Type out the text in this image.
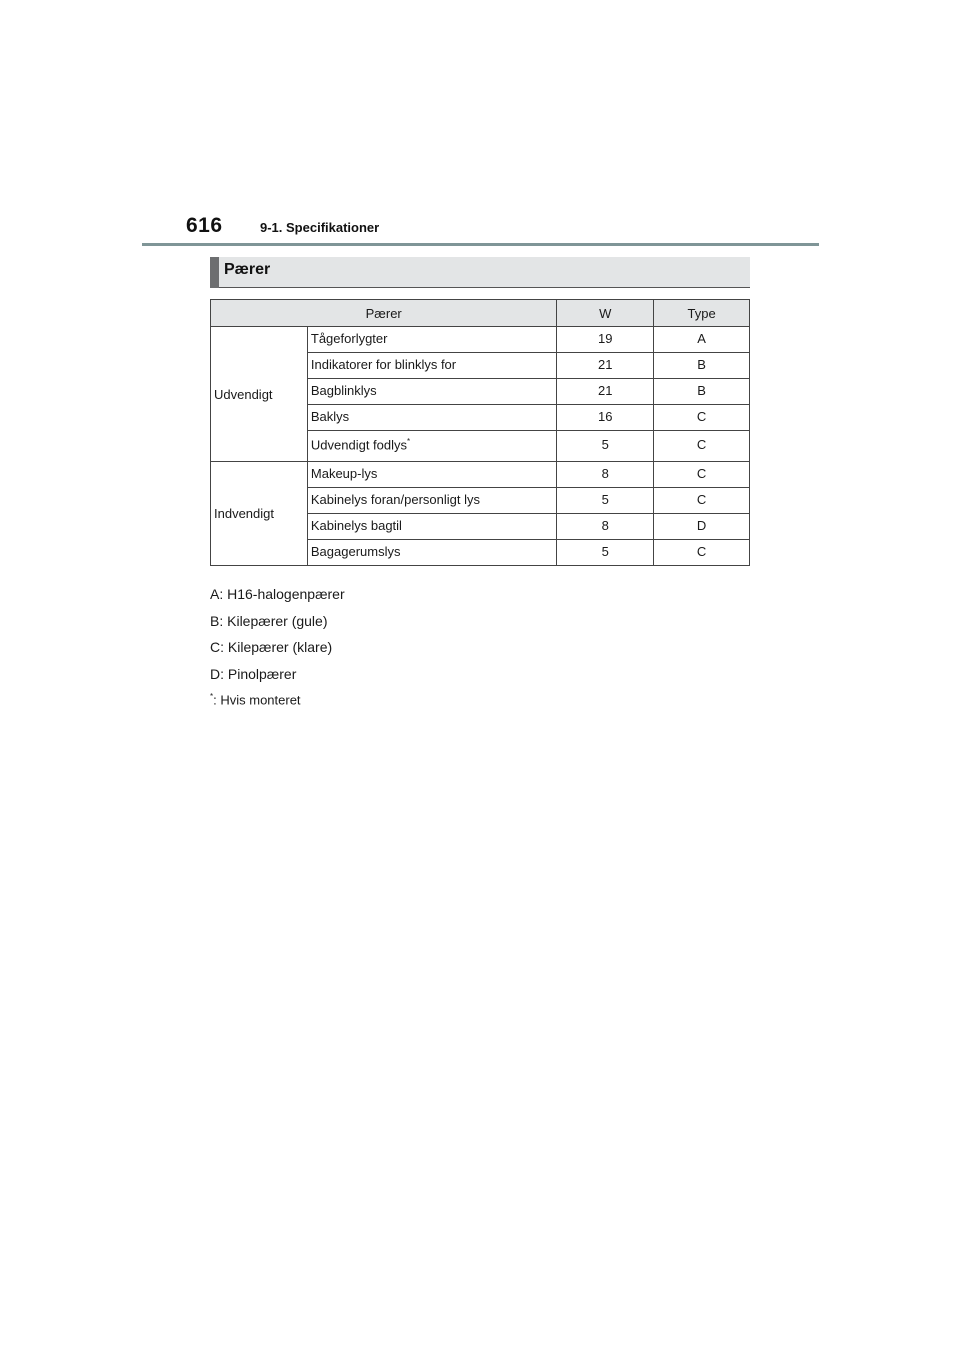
616	9-1. Specifikationer
Pærer
Pærer		W	Type
Udvendigt	Tågeforlygter	19	A
	Indikatorer for blinklys for	21	B
	Bagblinklys	21	B
	Baklys	16	C
	Udvendigt fodlys*	5	C
Indvendigt	Makeup-lys	8	C
	Kabinelys foran/personligt lys	5	C
	Kabinelys bagtil	8	D
	Bagagerumslys	5	C
A: H16-halogenpærer
B: Kilepærer (gule)
C: Kilepærer (klare)
D: Pinolpærer
*: Hvis monteret
